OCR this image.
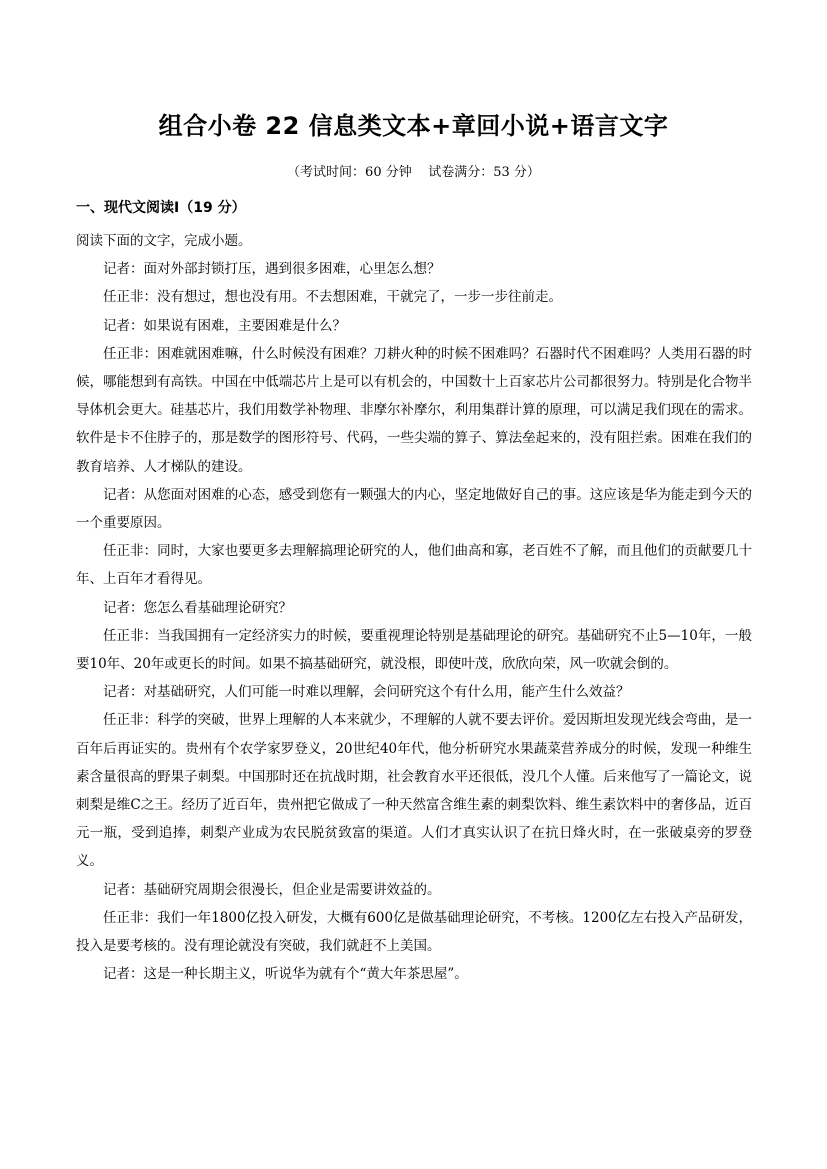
组合小卷 22 信息类文本+章回小说+语言文字
（考试时间：60 分钟    试卷满分：53 分）
一、现代文阅读Ⅰ（19 分）

阅读下面的文字，完成小题。

记者：面对外部封锁打压，遇到很多困难，心里怎么想？

任正非：没有想过，想也没有用。不去想困难，干就完了，一步一步往前走。

记者：如果说有困难，主要困难是什么？

任正非：困难就困难嘛，什么时候没有困难？刀耕火种的时候不困难吗？石器时代不困难吗？人类用石器的时候，哪能想到有高铁。中国在中低端芯片上是可以有机会的，中国数十上百家芯片公司都很努力。特别是化合物半导体机会更大。硅基芯片，我们用数学补物理、非摩尔补摩尔，利用集群计算的原理，可以满足我们现在的需求。软件是卡不住脖子的，那是数学的图形符号、代码，一些尖端的算子、算法垒起来的，没有阻拦索。困难在我们的教育培养、人才梯队的建设。

记者：从您面对困难的心态，感受到您有一颗强大的内心，坚定地做好自己的事。这应该是华为能走到今天的一个重要原因。

任正非：同时，大家也要更多去理解搞理论研究的人，他们曲高和寡，老百姓不了解，而且他们的贡献要几十年、上百年才看得见。

记者：您怎么看基础理论研究？

任正非：当我国拥有一定经济实力的时候，要重视理论特别是基础理论的研究。基础研究不止5—10年，一般要10年、20年或更长的时间。如果不搞基础研究，就没根，即使叶茂，欣欣向荣，风一吹就会倒的。

记者：对基础研究，人们可能一时难以理解，会问研究这个有什么用，能产生什么效益？

任正非：科学的突破，世界上理解的人本来就少，不理解的人就不要去评价。爱因斯坦发现光线会弯曲，是一百年后再证实的。贵州有个农学家罗登义，20世纪40年代，他分析研究水果蔬菜营养成分的时候，发现一种维生素含量很高的野果子刺梨。中国那时还在抗战时期，社会教育水平还很低，没几个人懂。后来他写了一篇论文，说刺梨是维C之王。经历了近百年，贵州把它做成了一种天然富含维生素的刺梨饮料、维生素饮料中的奢侈品，近百元一瓶，受到追捧，刺梨产业成为农民脱贫致富的渠道。人们才真实认识了在抗日烽火时，在一张破桌旁的罗登义。

记者：基础研究周期会很漫长，但企业是需要讲效益的。

任正非：我们一年1800亿投入研发，大概有600亿是做基础理论研究，不考核。1200亿左右投入产品研发，投入是要考核的。没有理论就没有突破，我们就赶不上美国。

记者：这是一种长期主义，听说华为就有个“黄大年茶思屋”。
